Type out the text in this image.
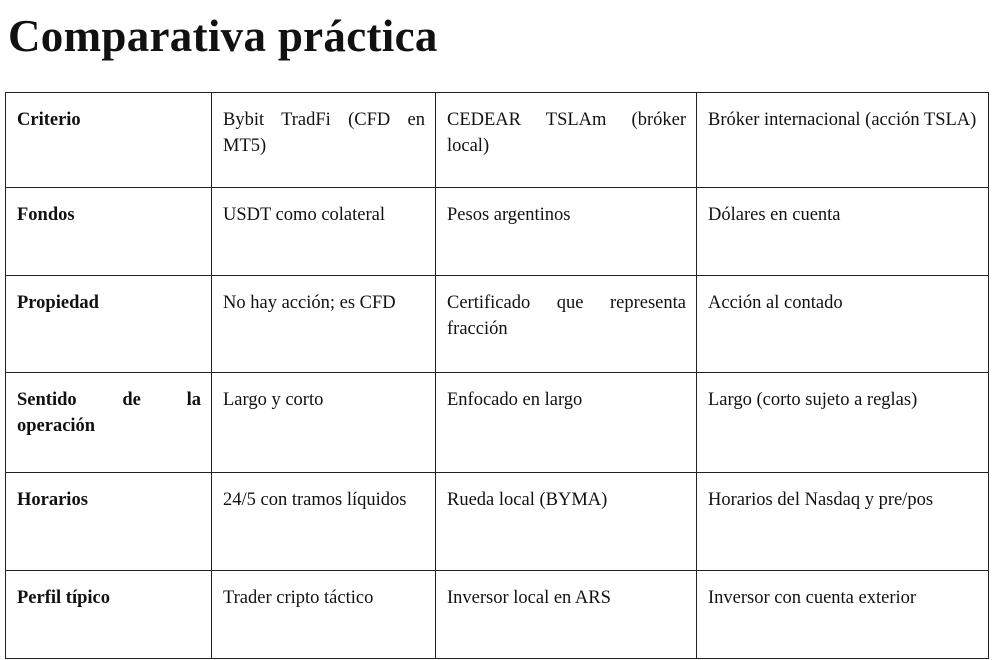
Comparativa práctica
Criterio	Bybit TradFi (CFD en MT5)	CEDEAR TSLAm (bróker local)	Bróker internacional (acción TSLA)
Fondos	USDT como colateral	Pesos argentinos	Dólares en cuenta
Propiedad	No hay acción; es CFD	Certificado que representa fracción	Acción al contado
Sentido de la operación	Largo y corto	Enfocado en largo	Largo (corto sujeto a reglas)
Horarios	24/5 con tramos líquidos	Rueda local (BYMA)	Horarios del Nasdaq y pre/pos
Perfil típico	Trader cripto táctico	Inversor local en ARS	Inversor con cuenta exterior
